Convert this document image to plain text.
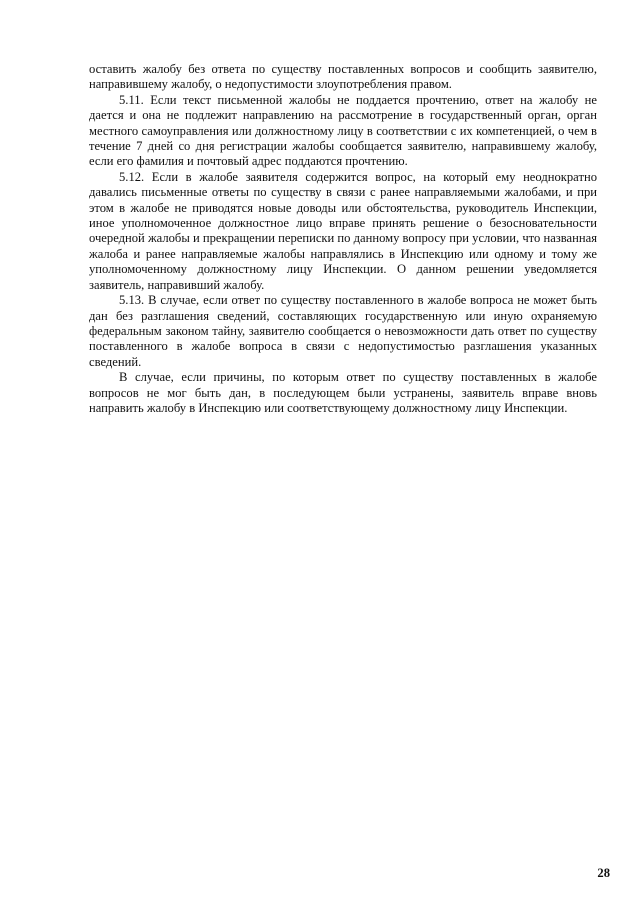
оставить жалобу без ответа по существу поставленных вопросов и сообщить заявителю, направившему жалобу, о недопустимости злоупотребления правом.

5.11. Если текст письменной жалобы не поддается прочтению, ответ на жалобу не дается и она не подлежит направлению на рассмотрение в государственный орган, орган местного самоуправления или должностному лицу в соответствии с их компетенцией, о чем в течение 7 дней со дня регистрации жалобы сообщается заявителю, направившему жалобу, если его фамилия и почтовый адрес поддаются прочтению.

5.12. Если в жалобе заявителя содержится вопрос, на который ему неоднократно давались письменные ответы по существу в связи с ранее направляемыми жалобами, и при этом в жалобе не приводятся новые доводы или обстоятельства, руководитель Инспекции, иное уполномоченное должностное лицо вправе принять решение о безосновательности очередной жалобы и прекращении переписки по данному вопросу при условии, что названная жалоба и ранее направляемые жалобы направлялись в Инспекцию или одному и тому же уполномоченному должностному лицу Инспекции. О данном решении уведомляется заявитель, направивший жалобу.

5.13. В случае, если ответ по существу поставленного в жалобе вопроса не может быть дан без разглашения сведений, составляющих государственную или иную охраняемую федеральным законом тайну, заявителю сообщается о невозможности дать ответ по существу поставленного в жалобе вопроса в связи с недопустимостью разглашения указанных сведений.

В случае, если причины, по которым ответ по существу поставленных в жалобе вопросов не мог быть дан, в последующем были устранены, заявитель вправе вновь направить жалобу в Инспекцию или соответствующему должностному лицу Инспекции.

28
